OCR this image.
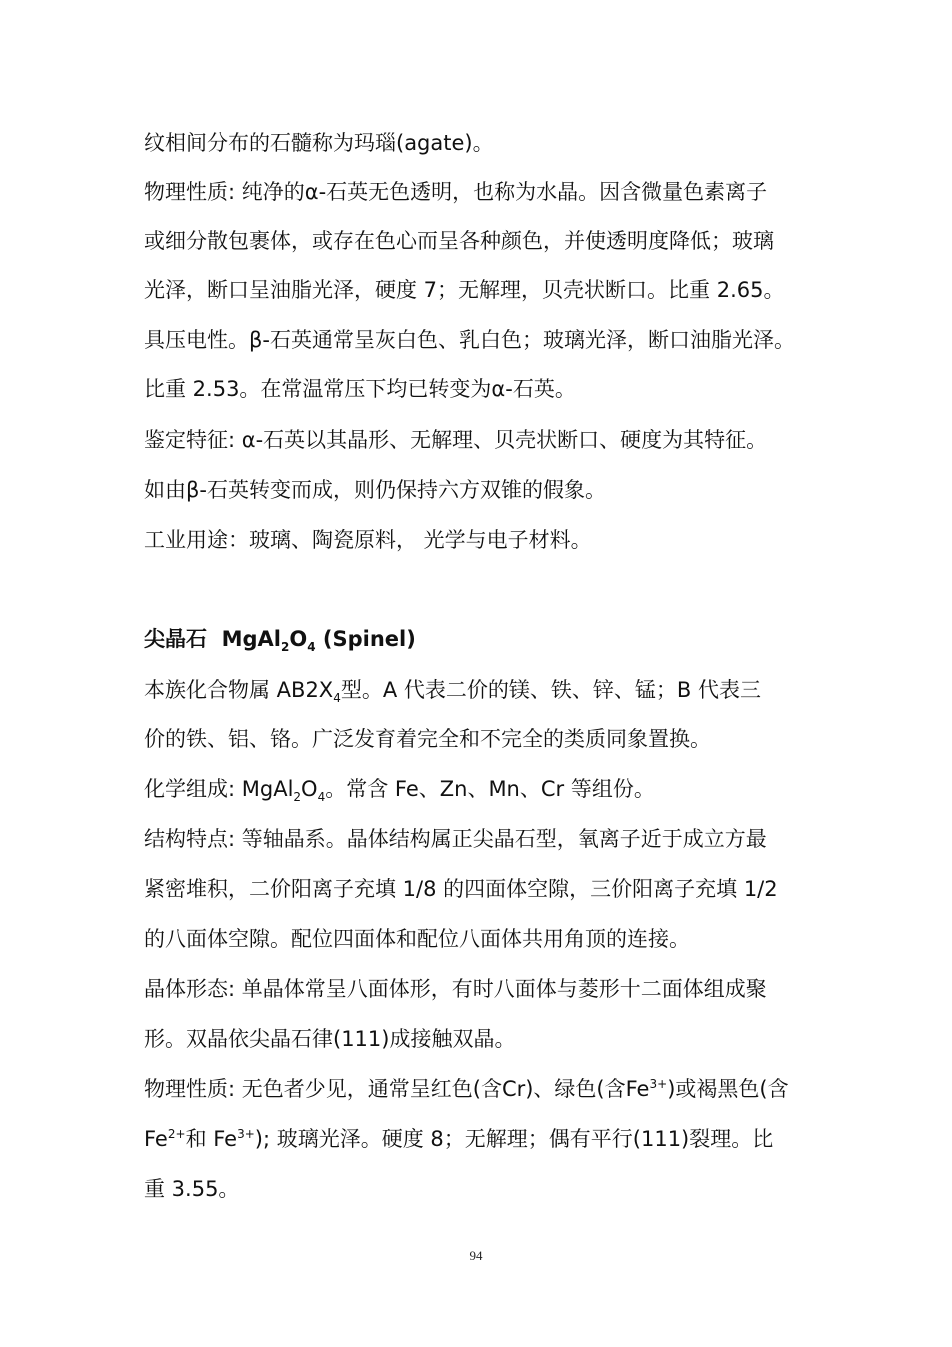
纹相间分布的石髓称为玛瑙(agate)。

物理性质: 纯净的α-石英无色透明，也称为水晶。因含微量色素离子

或细分散包裹体，或存在色心而呈各种颜色，并使透明度降低；玻璃

光泽，断口呈油脂光泽，硬度 7；无解理，贝壳状断口。比重 2.65。

具压电性。β-石英通常呈灰白色、乳白色；玻璃光泽，断口油脂光泽。

比重 2.53。在常温常压下均已转变为α-石英。

鉴定特征: α-石英以其晶形、无解理、贝壳状断口、硬度为其特征。

如由β-石英转变而成，则仍保持六方双锥的假象。

工业用途：玻璃、陶瓷原料， 光学与电子材料。

尖晶石 $MgAl_2O_4$ (Spinel)

本族化合物属 $AB2X_4$型。A 代表二价的镁、铁、锌、锰；B 代表三

价的铁、铝、铬。广泛发育着完全和不完全的类质同象置换。

化学组成: $MgAl_2O_4$。常含 Fe、Zn、Mn、Cr 等组份。

结构特点: 等轴晶系。晶体结构属正尖晶石型，氧离子近于成立方最

紧密堆积，二价阳离子充填 1/8 的四面体空隙，三价阳离子充填 1/2

的八面体空隙。配位四面体和配位八面体共用角顶的连接。

晶体形态: 单晶体常呈八面体形，有时八面体与菱形十二面体组成聚

形。双晶依尖晶石律(111)成接触双晶。

物理性质: 无色者少见，通常呈红色(含Cr)、绿色(含$Fe^{3+}$)或褐黑色(含

$Fe^{2+}$和 $Fe^{3+}$); 玻璃光泽。硬度 8；无解理；偶有平行(111)裂理。比

重 3.55。

94
